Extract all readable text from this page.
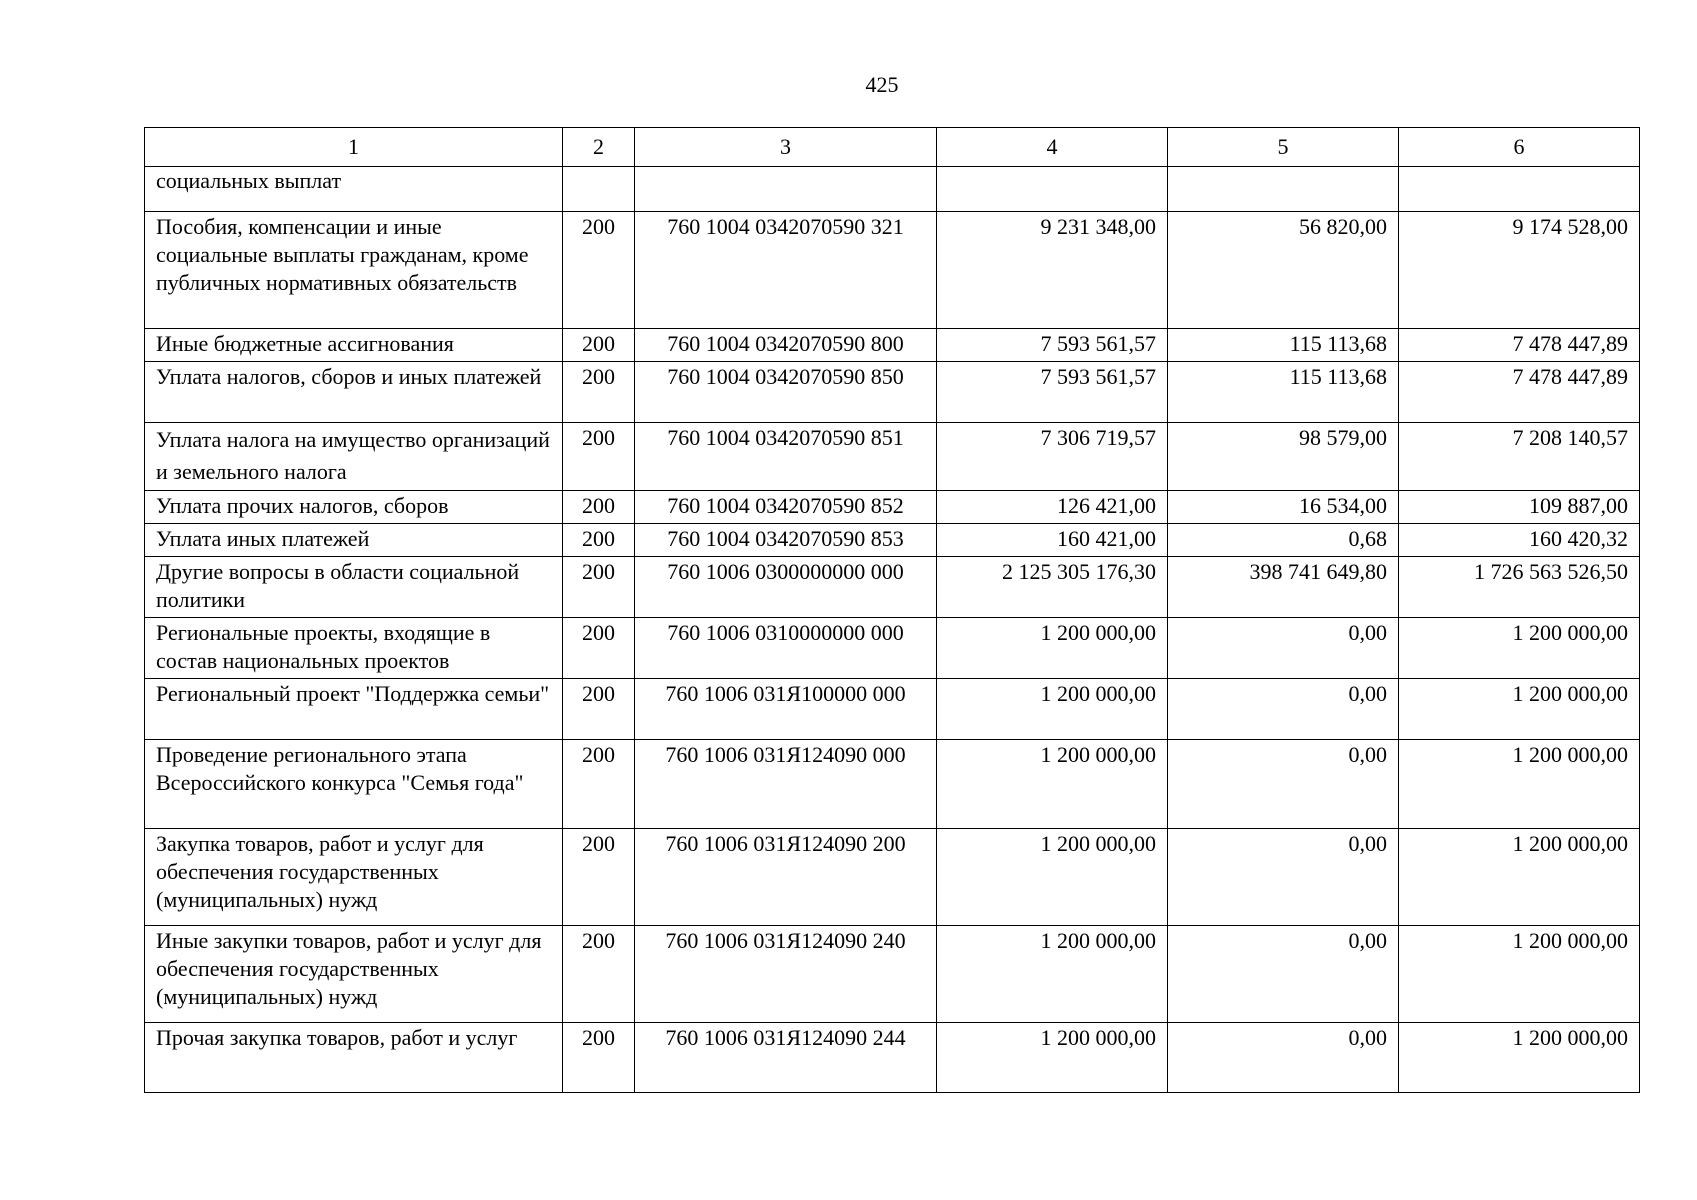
425
1	2	3	4	5	6
социальных выплат					
Пособия, компенсации и иные социальные выплаты гражданам, кроме публичных нормативных обязательств	200	760 1004 0342070590 321	9 231 348,00	56 820,00	9 174 528,00
Иные бюджетные ассигнования	200	760 1004 0342070590 800	7 593 561,57	115 113,68	7 478 447,89
Уплата налогов, сборов и иных платежей	200	760 1004 0342070590 850	7 593 561,57	115 113,68	7 478 447,89
Уплата налога на имущество организаций и земельного налога	200	760 1004 0342070590 851	7 306 719,57	98 579,00	7 208 140,57
Уплата прочих налогов, сборов	200	760 1004 0342070590 852	126 421,00	16 534,00	109 887,00
Уплата иных платежей	200	760 1004 0342070590 853	160 421,00	0,68	160 420,32
Другие вопросы в области социальной политики	200	760 1006 0300000000 000	2 125 305 176,30	398 741 649,80	1 726 563 526,50
Региональные проекты, входящие в состав национальных проектов	200	760 1006 0310000000 000	1 200 000,00	0,00	1 200 000,00
Региональный проект "Поддержка семьи"	200	760 1006 031Я100000 000	1 200 000,00	0,00	1 200 000,00
Проведение регионального этапа Всероссийского конкурса "Семья года"	200	760 1006 031Я124090 000	1 200 000,00	0,00	1 200 000,00
Закупка товаров, работ и услуг для обеспечения государственных (муниципальных) нужд	200	760 1006 031Я124090 200	1 200 000,00	0,00	1 200 000,00
Иные закупки товаров, работ и услуг для обеспечения государственных (муниципальных) нужд	200	760 1006 031Я124090 240	1 200 000,00	0,00	1 200 000,00
Прочая закупка товаров, работ и услуг	200	760 1006 031Я124090 244	1 200 000,00	0,00	1 200 000,00
